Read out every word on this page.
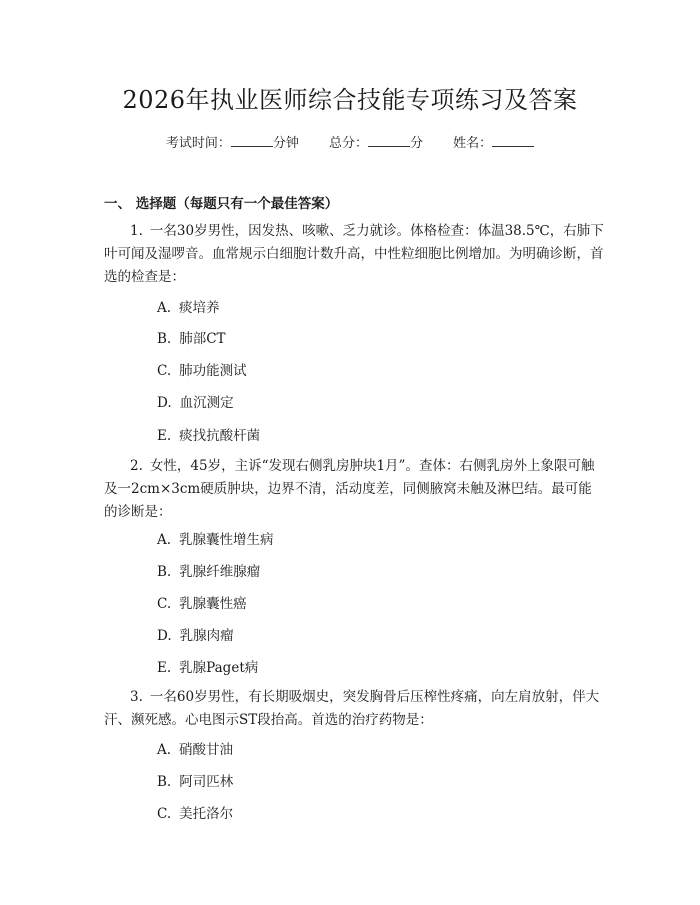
2026年执业医师综合技能专项练习及答案
考试时间：	分钟 总分：	分 姓名：
一、 选择题（每题只有一个最佳答案）

1. 一名30岁男性，因发热、咳嗽、乏力就诊。体格检查：体温38.5℃，右肺下叶可闻及湿啰音。血常规示白细胞计数升高，中性粒细胞比例增加。为明确诊断，首选的检查是：

A. 痰培养

B. 肺部CT

C. 肺功能测试

D. 血沉测定

E. 痰找抗酸杆菌

2. 女性，45岁，主诉“发现右侧乳房肿块1月”。查体：右侧乳房外上象限可触及一2cm×3cm硬质肿块，边界不清，活动度差，同侧腋窝未触及淋巴结。最可能的诊断是：

A. 乳腺囊性增生病

B. 乳腺纤维腺瘤

C. 乳腺囊性癌

D. 乳腺肉瘤

E. 乳腺Paget病

3. 一名60岁男性，有长期吸烟史，突发胸骨后压榨性疼痛，向左肩放射，伴大汗、濒死感。心电图示ST段抬高。首选的治疗药物是：

A. 硝酸甘油

B. 阿司匹林

C. 美托洛尔
